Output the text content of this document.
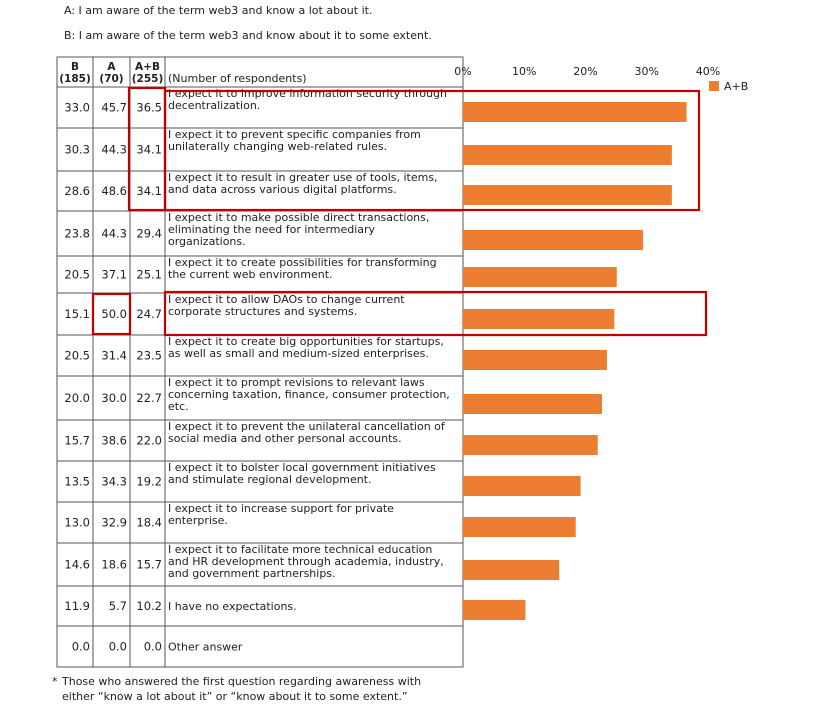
A: I am aware of the term web3 and know a lot about it.
B: I am aware of the term web3 and know about it to some extent.
B
(185)
A
(70)
A+B
(255) (Number of respondents)
33.0 45.7 36.5
I expect it to improve information security through
decentralization.
30.3 44.3 34.1
I expect it to prevent specific companies from
unilaterally changing web-related rules.
28.6 48.6 34.1
I expect it to result in greater use of tools, items,
and data across various digital platforms.
23.8 44.3 29.4
I expect it to make possible direct transactions,
eliminating the need for intermediary
organizations.
20.5 37.1 25.1
I expect it to create possibilities for transforming
the current web environment.
15.1 50.0 24.7
I expect it to allow DAOs to change current
corporate structures and systems.
20.5 31.4 23.5
I expect it to create big opportunities for startups,
as well as small and medium-sized enterprises.
20.0 30.0 22.7
I expect it to prompt revisions to relevant laws
concerning taxation, finance, consumer protection,
etc.
15.7 38.6 22.0
I expect it to prevent the unilateral cancellation of
social media and other personal accounts.
13.5 34.3 19.2
I expect it to bolster local government initiatives
and stimulate regional development.
13.0 32.9 18.4
I expect it to increase support for private
enterprise.
14.6 18.6 15.7
I expect it to facilitate more technical education
and HR development through academia, industry,
and government partnerships.
11.9 5.7 10.2 I have no expectations.
0.0 0.0 0.0 Other answer
0%	10%	20%	30%	40%
A+B
* Those who answered the first question regarding awareness with
either “know a lot about it” or “know about it to some extent.”
